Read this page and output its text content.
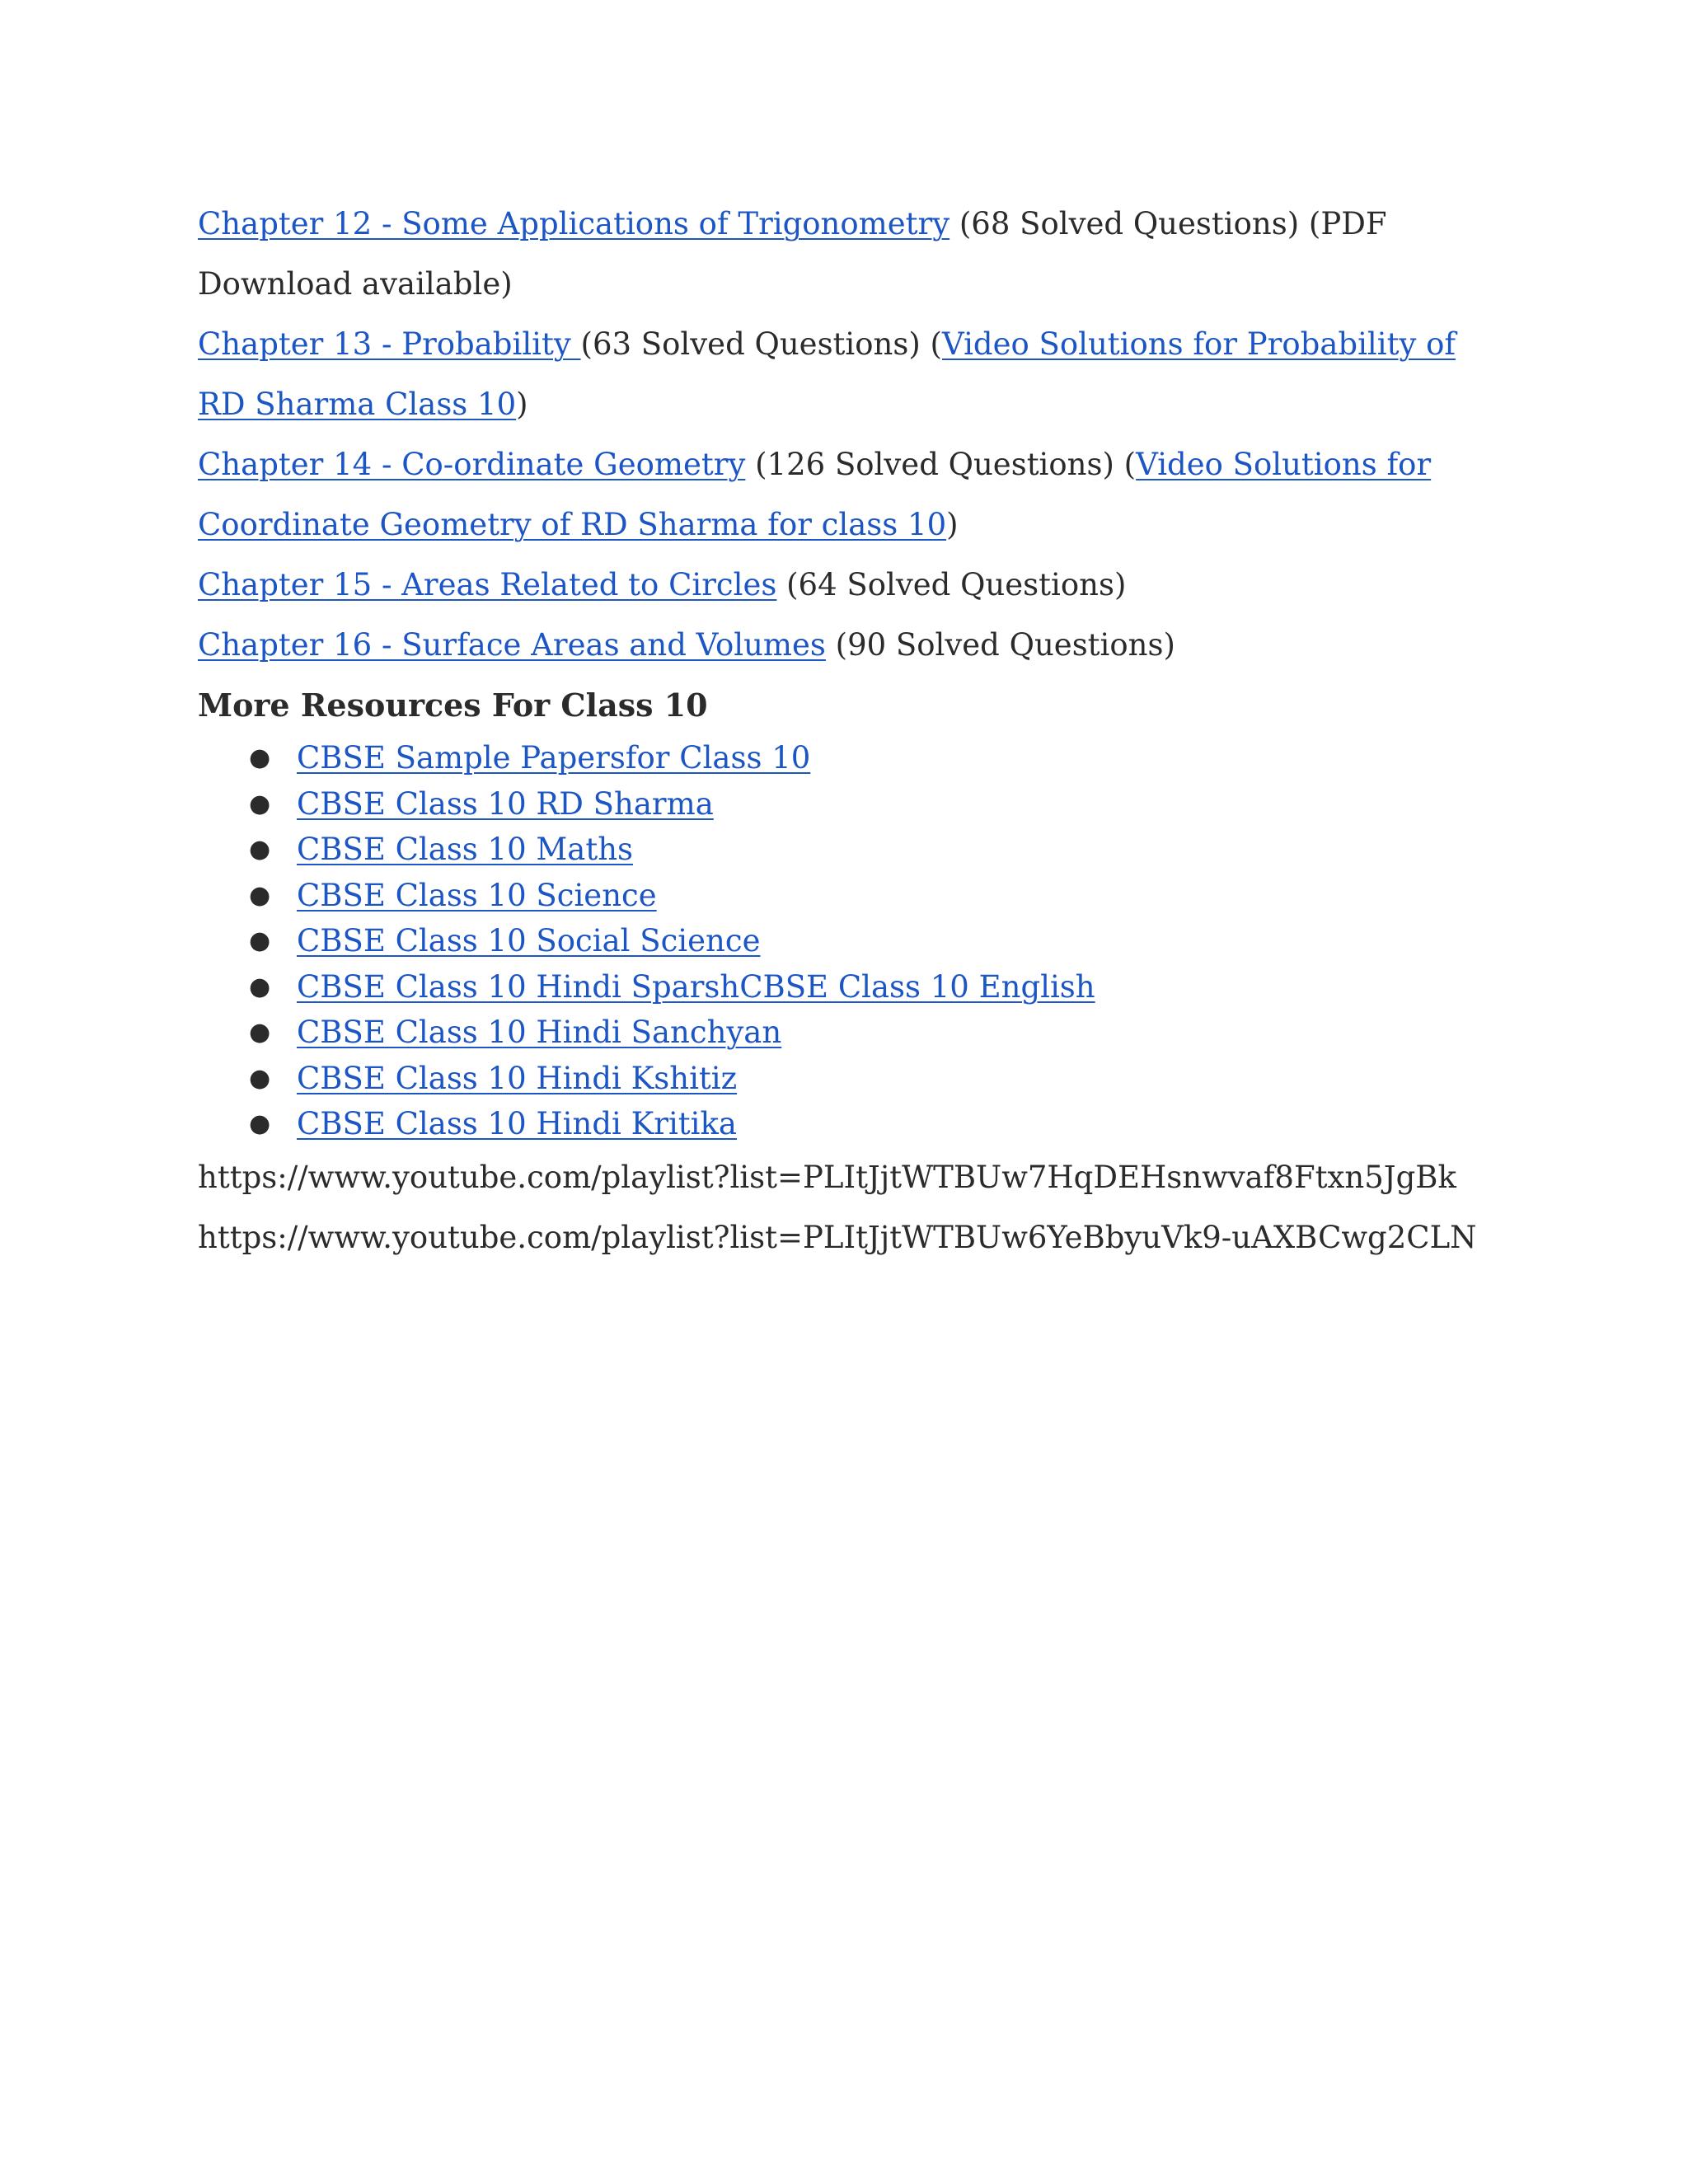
Chapter 12 - Some Applications of Trigonometry (68 Solved Questions) (PDF Download available)

Chapter 13 - Probability (63 Solved Questions) (Video Solutions for Probability of RD Sharma Class 10)

Chapter 14 - Co-ordinate Geometry (126 Solved Questions) (Video Solutions for Coordinate Geometry of RD Sharma for class 10)

Chapter 15 - Areas Related to Circles (64 Solved Questions)

Chapter 16 - Surface Areas and Volumes (90 Solved Questions)

More Resources For Class 10

● CBSE Sample Papersfor Class 10
● CBSE Class 10 RD Sharma
● CBSE Class 10 Maths
● CBSE Class 10 Science
● CBSE Class 10 Social Science
● CBSE Class 10 Hindi SparshCBSE Class 10 English
● CBSE Class 10 Hindi Sanchyan
● CBSE Class 10 Hindi Kshitiz
● CBSE Class 10 Hindi Kritika

https://www.youtube.com/playlist?list=PLItJjtWTBUw7HqDEHsnwvaf8Ftxn5JgBk

https://www.youtube.com/playlist?list=PLItJjtWTBUw6YeBbyuVk9-uAXBCwg2CLN
